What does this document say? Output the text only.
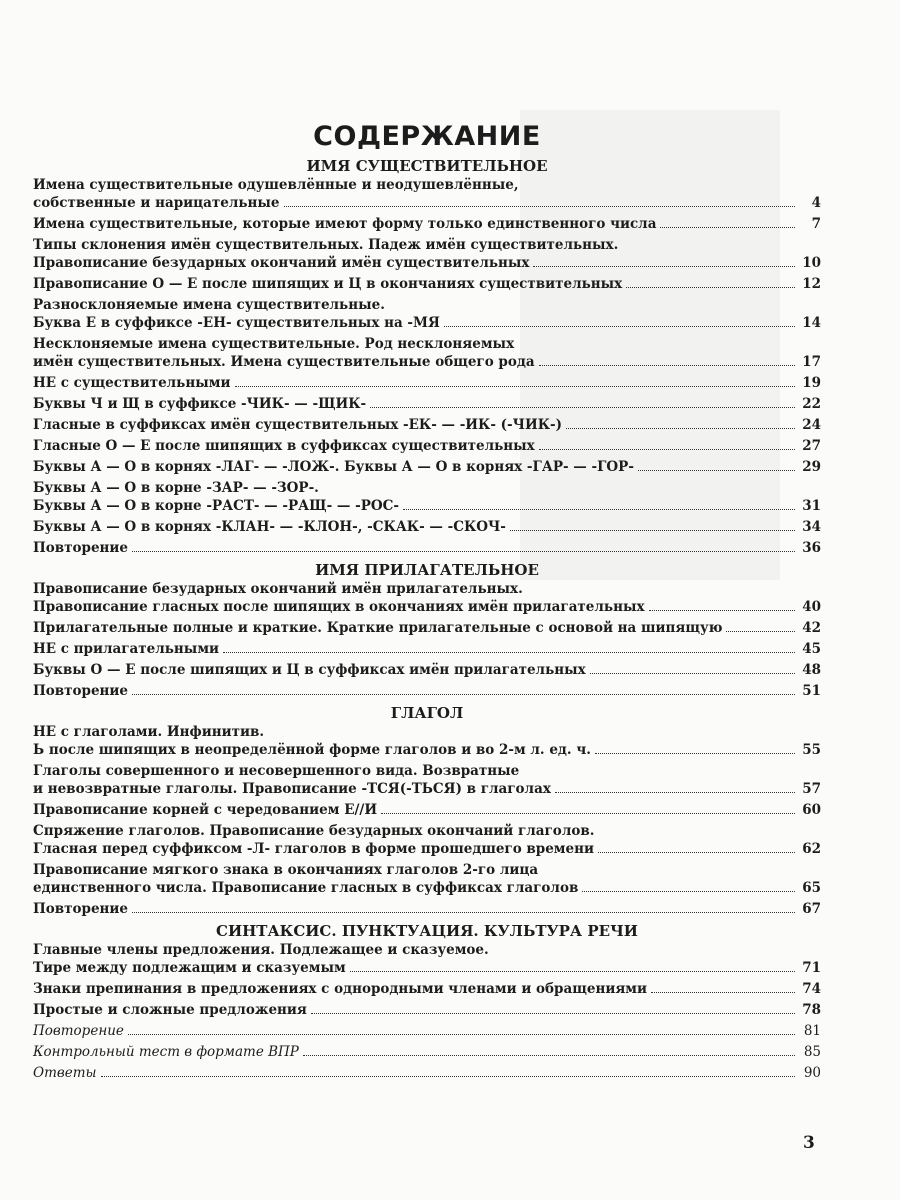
СОДЕРЖАНИЕ
ИМЯ СУЩЕСТВИТЕЛЬНОЕ
Имена существительные одушевлённые и неодушевлённые,
собственные и нарицательные	4
Имена существительные, которые имеют форму только единственного числа	7
Типы склонения имён существительных. Падеж имён существительных.
Правописание безударных окончаний имён существительных	10
Правописание О — Е после шипящих и Ц в окончаниях существительных	12
Разносклоняемые имена существительные.
Буква Е в суффиксе -ЕН- существительных на -МЯ	14
Несклоняемые имена существительные. Род несклоняемых
имён существительных. Имена существительные общего рода	17
НЕ с существительными	19
Буквы Ч и Щ в суффиксе -ЧИК- — -ЩИК-	22
Гласные в суффиксах имён существительных -ЕК- — -ИК- (-ЧИК-)	24
Гласные О — Е после шипящих в суффиксах существительных	27
Буквы А — О в корнях -ЛАГ- — -ЛОЖ-. Буквы А — О в корнях -ГАР- — -ГОР-	29
Буквы А — О в корне -ЗАР- — -ЗОР-.
Буквы А — О в корне -РАСТ- — -РАЩ- — -РОС-	31
Буквы А — О в корнях -КЛАН- — -КЛОН-, -СКАК- — -СКОЧ-	34
Повторение	36
ИМЯ ПРИЛАГАТЕЛЬНОЕ
Правописание безударных окончаний имён прилагательных.
Правописание гласных после шипящих в окончаниях имён прилагательных	40
Прилагательные полные и краткие. Краткие прилагательные с основой на шипящую	42
НЕ с прилагательными	45
Буквы О — Е после шипящих и Ц в суффиксах имён прилагательных	48
Повторение	51
ГЛАГОЛ
НЕ с глаголами. Инфинитив.
Ь после шипящих в неопределённой форме глаголов и во 2-м л. ед. ч.	55
Глаголы совершенного и несовершенного вида. Возвратные
и невозвратные глаголы. Правописание -ТСЯ(-ТЬСЯ) в глаголах	57
Правописание корней с чередованием Е//И	60
Спряжение глаголов. Правописание безударных окончаний глаголов.
Гласная перед суффиксом -Л- глаголов в форме прошедшего времени	62
Правописание мягкого знака в окончаниях глаголов 2-го лица
единственного числа. Правописание гласных в суффиксах глаголов	65
Повторение	67
СИНТАКСИС. ПУНКТУАЦИЯ. КУЛЬТУРА РЕЧИ
Главные члены предложения. Подлежащее и сказуемое.
Тире между подлежащим и сказуемым	71
Знаки препинания в предложениях с однородными членами и обращениями	74
Простые и сложные предложения	78
Повторение	81
Контрольный тест в формате ВПР	85
Ответы	90
3
